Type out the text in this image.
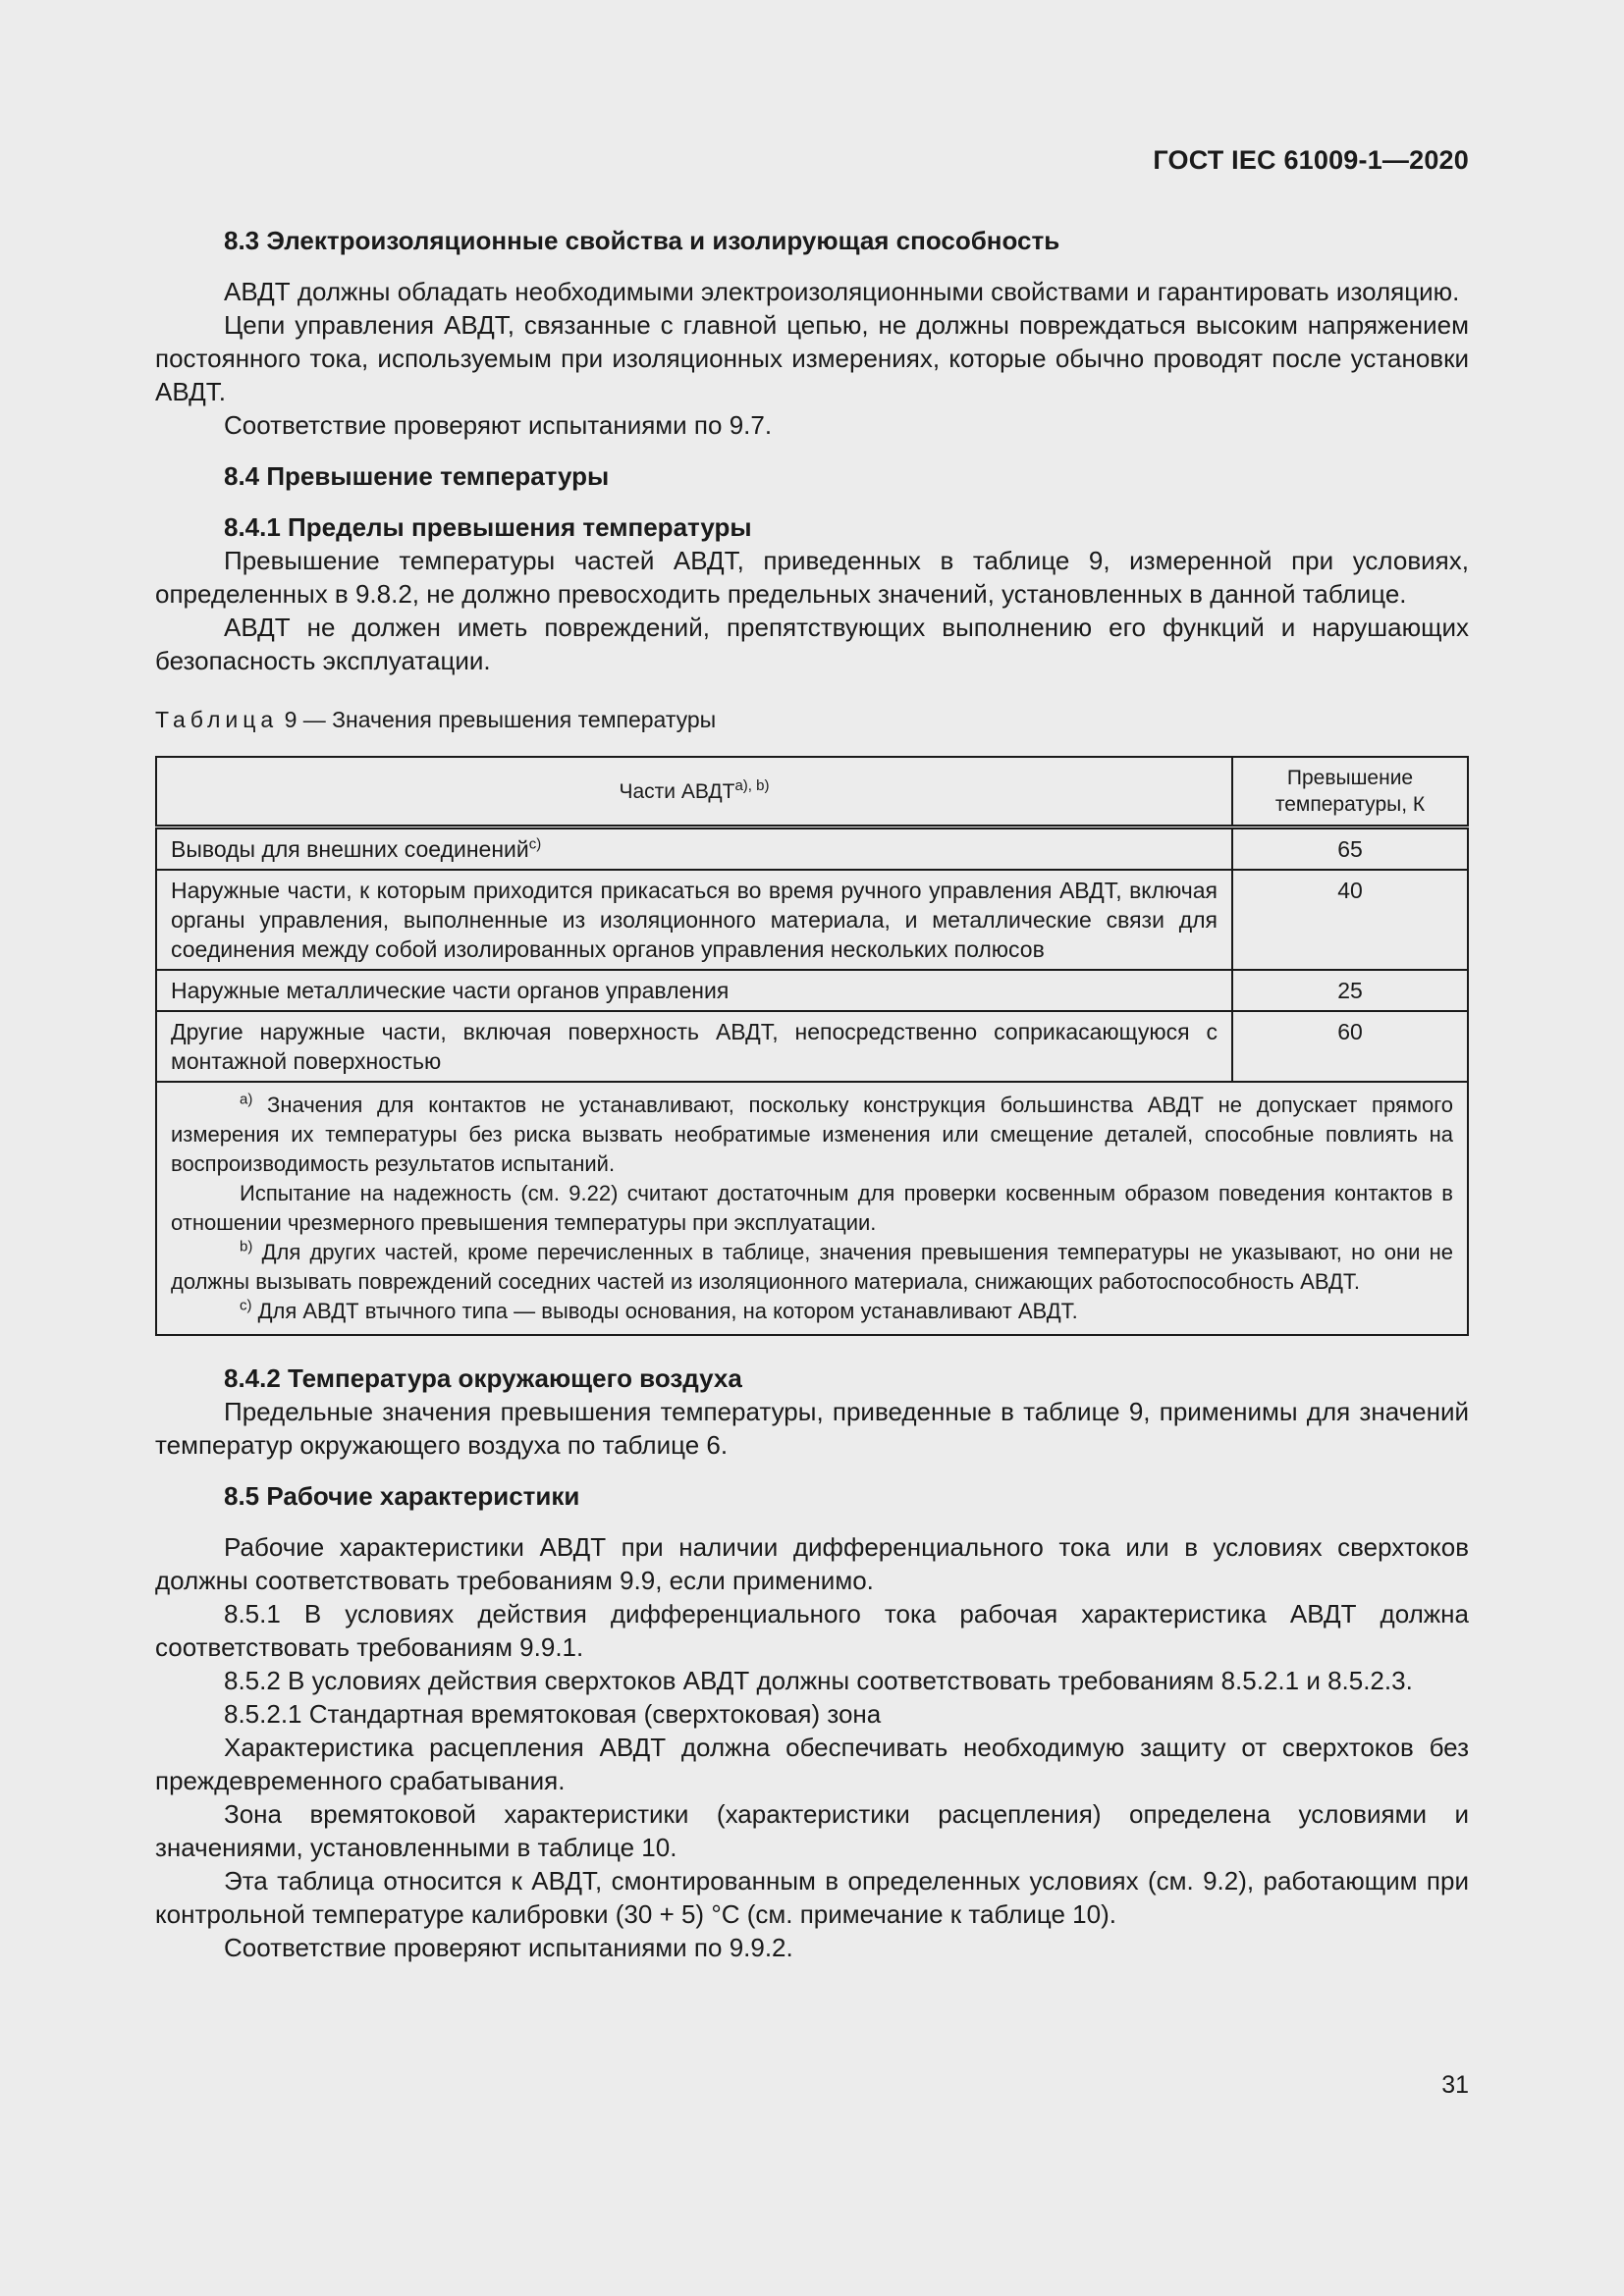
ГОСТ IEC 61009-1—2020

8.3 Электроизоляционные свойства и изолирующая способность

АВДТ должны обладать необходимыми электроизоляционными свойствами и гарантировать изоляцию.

Цепи управления АВДТ, связанные с главной цепью, не должны повреждаться высоким напряжением постоянного тока, используемым при изоляционных измерениях, которые обычно проводят после установки АВДТ.

Соответствие проверяют испытаниями по 9.7.

8.4 Превышение температуры

8.4.1 Пределы превышения температуры

Превышение температуры частей АВДТ, приведенных в таблице 9, измеренной при условиях, определенных в 9.8.2, не должно превосходить предельных значений, установленных в данной таблице.

АВДТ не должен иметь повреждений, препятствующих выполнению его функций и нарушающих безопасность эксплуатации.

Таблица 9 — Значения превышения температуры

Части $АВДТ^{a), b)}$	Превышение температуры, К
Выводы для внешних соединений$^{c)}$	65
Наружные части, к которым приходится прикасаться во время ручного управления АВДТ, включая органы управления, выполненные из изоляционного материала, и металлические связи для соединения между собой изолированных органов управления нескольких полюсов	40
Наружные металлические части органов управления	25
Другие наружные части, включая поверхность АВДТ, непосредственно соприкасающуюся с монтажной поверхностью	60

$^{a)}$ Значения для контактов не устанавливают, поскольку конструкция большинства АВДТ не допускает прямого измерения их температуры без риска вызвать необратимые изменения или смещение деталей, способные повлиять на воспроизводимость результатов испытаний.

Испытание на надежность (см. 9.22) считают достаточным для проверки косвенным образом поведения контактов в отношении чрезмерного превышения температуры при эксплуатации.

$^{b)}$ Для других частей, кроме перечисленных в таблице, значения превышения температуры не указывают, но они не должны вызывать повреждений соседних частей из изоляционного материала, снижающих работоспособность АВДТ.

$^{c)}$ Для АВДТ втычного типа — выводы основания, на котором устанавливают АВДТ.	

8.4.2 Температура окружающего воздуха

Предельные значения превышения температуры, приведенные в таблице 9, применимы для значений температур окружающего воздуха по таблице 6.

8.5 Рабочие характеристики

Рабочие характеристики АВДТ при наличии дифференциального тока или в условиях сверхтоков должны соответствовать требованиям 9.9, если применимо.

8.5.1 В условиях действия дифференциального тока рабочая характеристика АВДТ должна соответствовать требованиям 9.9.1.

8.5.2 В условиях действия сверхтоков АВДТ должны соответствовать требованиям 8.5.2.1 и 8.5.2.3.

8.5.2.1 Стандартная времятоковая (сверхтоковая) зона

Характеристика расцепления АВДТ должна обеспечивать необходимую защиту от сверхтоков без преждевременного срабатывания.

Зона времятоковой характеристики (характеристики расцепления) определена условиями и значениями, установленными в таблице 10.

Эта таблица относится к АВДТ, смонтированным в определенных условиях (см. 9.2), работающим при контрольной температуре калибровки (30 + 5) °С (см. примечание к таблице 10).

Соответствие проверяют испытаниями по 9.9.2.

31
